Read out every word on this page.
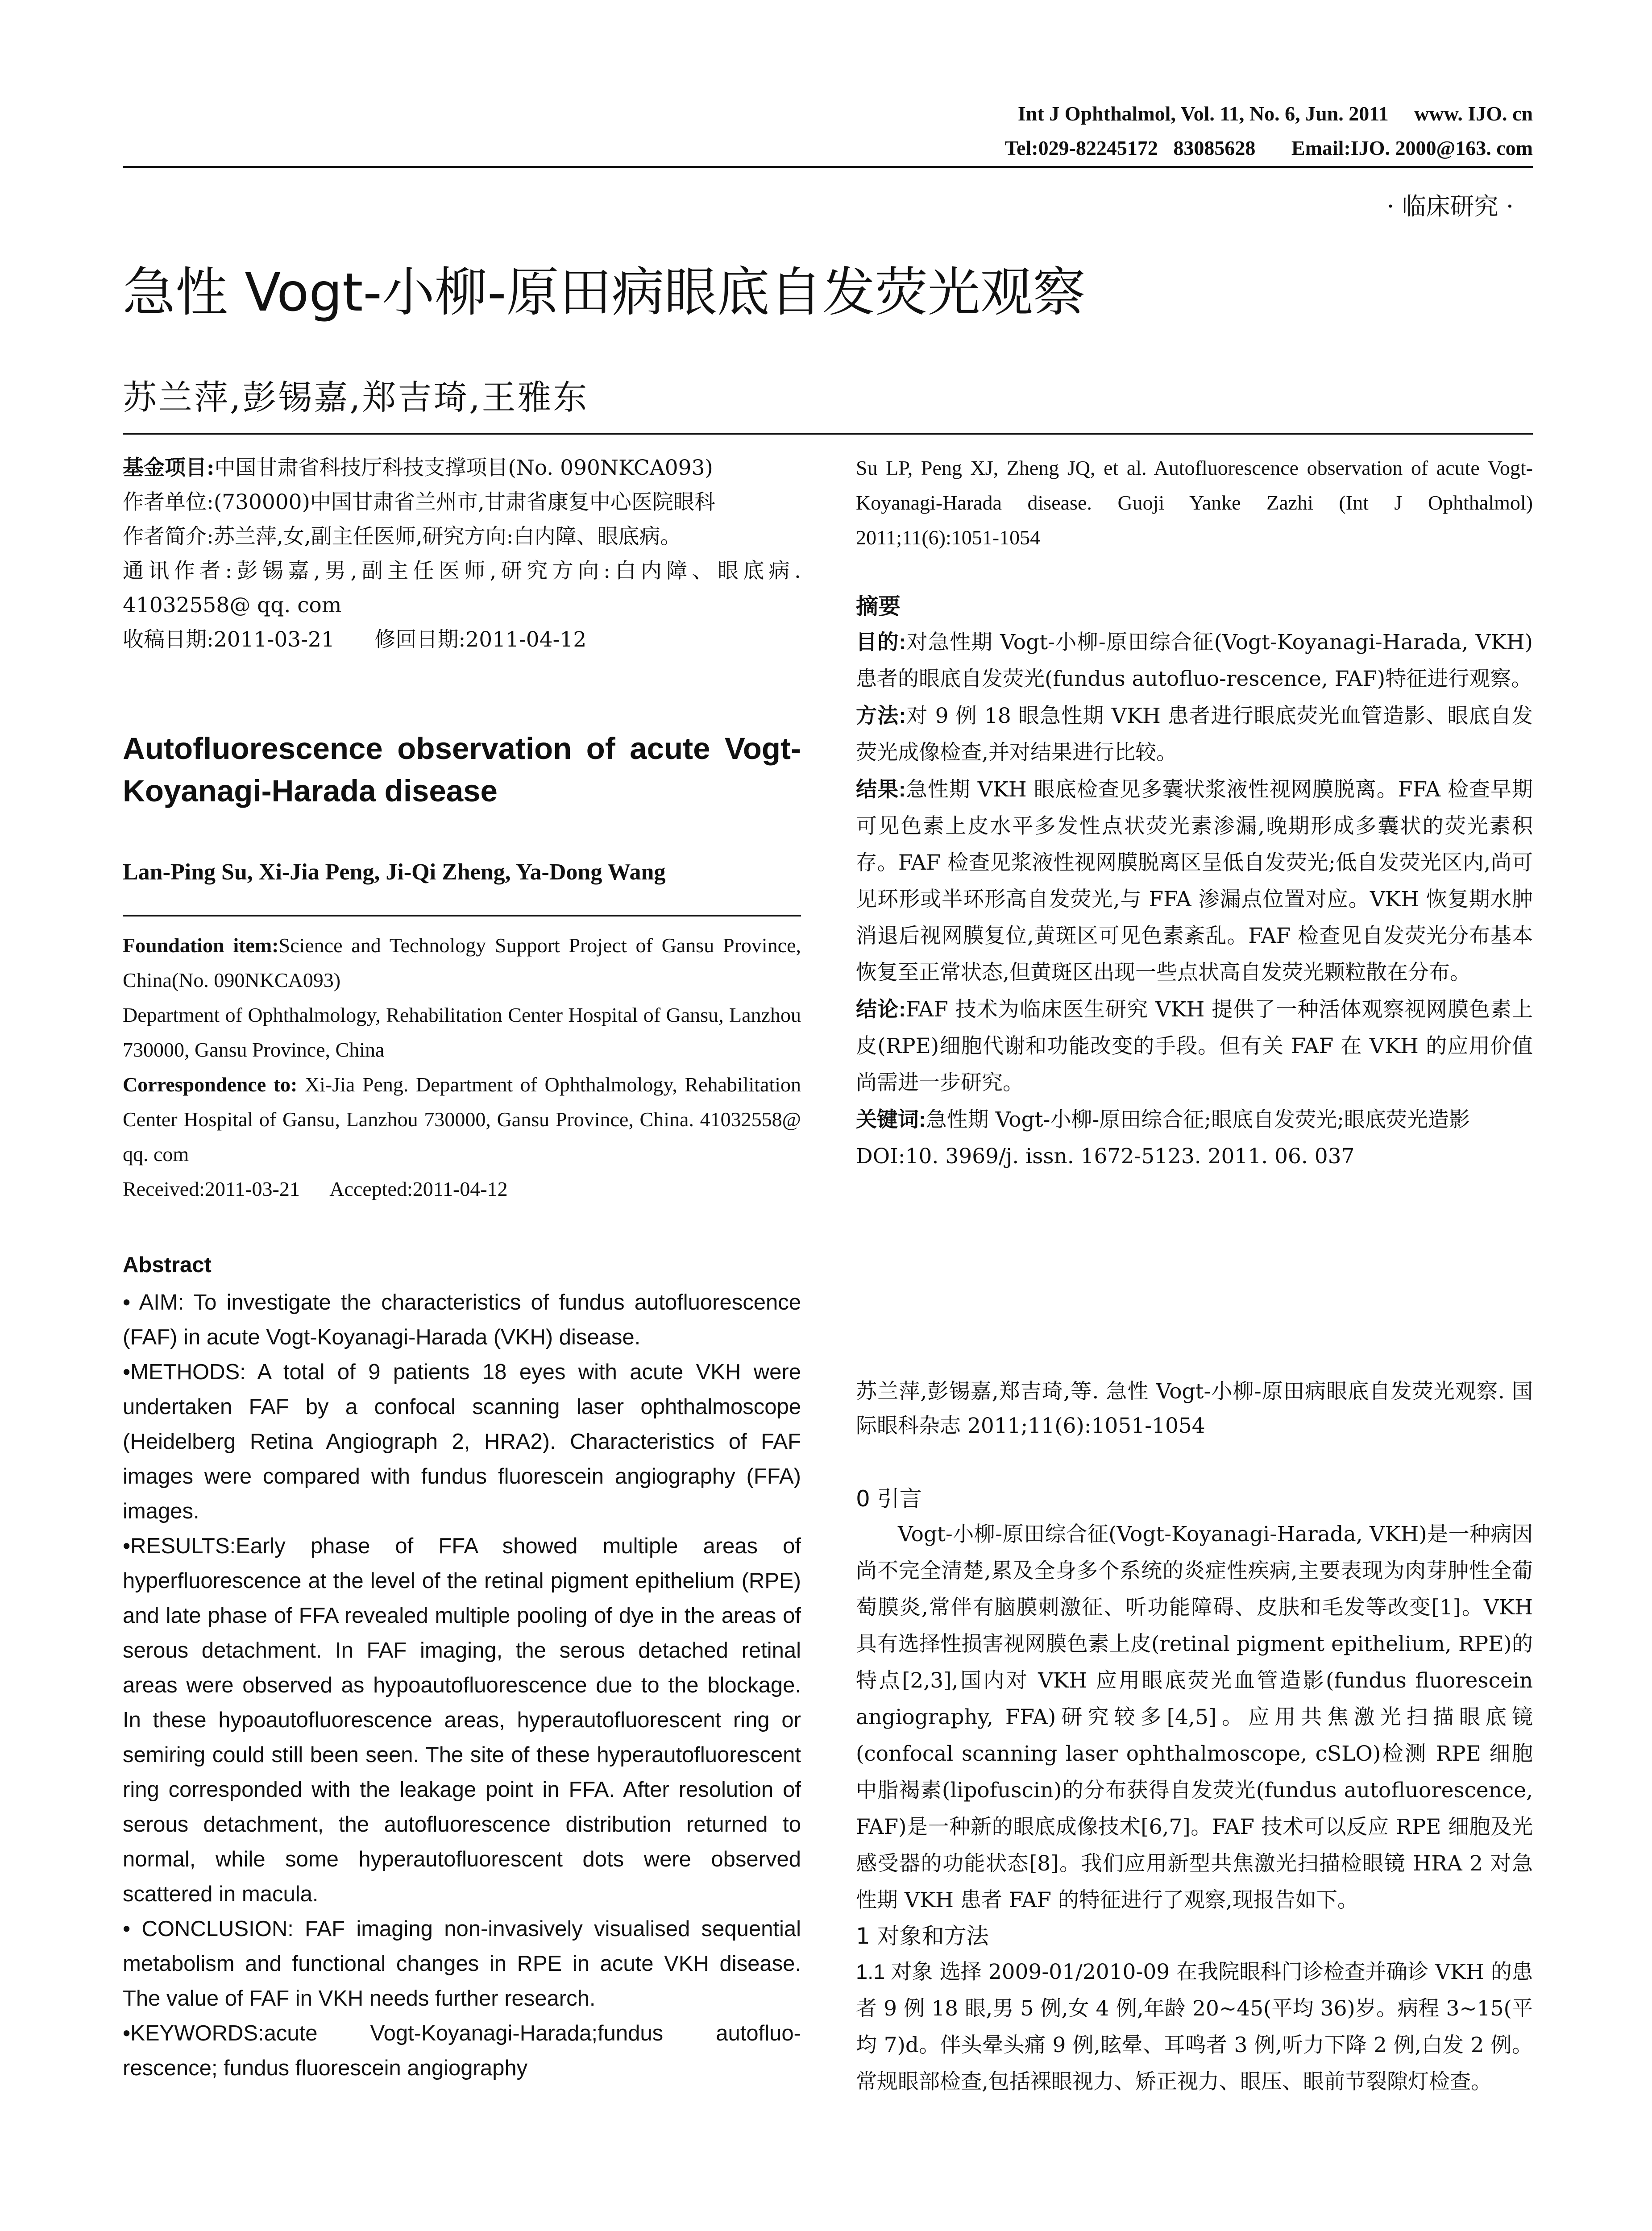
Int J Ophthalmol, Vol. 11, No. 6, Jun. 2011     www. IJO. cn
Tel:029-82245172   83085628       Email:IJO. 2000@163. com
· 临床研究 ·
急性 Vogt-小柳-原田病眼底自发荧光观察
苏兰萍,彭锡嘉,郑吉琦,王雅东

基金项目:中国甘肃省科技厅科技支撑项目(No. 090NKCA093)

作者单位:(730000)中国甘肃省兰州市,甘肃省康复中心医院眼科

作者简介:苏兰萍,女,副主任医师,研究方向:白内障、眼底病。

通讯作者:彭锡嘉,男,副主任医师,研究方向:白内障、眼底病. 41032558@ qq. com

收稿日期:2011-03-21      修回日期:2011-04-12

Autofluorescence observation of acute Vogt-Koyanagi-Harada disease

Lan-Ping Su, Xi-Jia Peng, Ji-Qi Zheng, Ya-Dong Wang

Foundation item:Science and Technology Support Project of Gansu Province, China(No. 090NKCA093)

Department of Ophthalmology, Rehabilitation Center Hospital of Gansu, Lanzhou 730000, Gansu Province, China

Correspondence to: Xi-Jia Peng. Department of Ophthalmology, Rehabilitation Center Hospital of Gansu, Lanzhou 730000, Gansu Province, China. 41032558@ qq. com

Received:2011-03-21      Accepted:2011-04-12

Abstract

• AIM: To investigate the characteristics of fundus autofluorescence (FAF) in acute Vogt-Koyanagi-Harada (VKH) disease.

•METHODS: A total of 9 patients 18 eyes with acute VKH were undertaken FAF by a confocal scanning laser ophthalmoscope (Heidelberg Retina Angiograph 2, HRA2). Characteristics of FAF images were compared with fundus fluorescein angiography (FFA) images.

•RESULTS:Early phase of FFA showed multiple areas of hyperfluorescence at the level of the retinal pigment epithelium (RPE) and late phase of FFA revealed multiple pooling of dye in the areas of serous detachment. In FAF imaging, the serous detached retinal areas were observed as hypoautofluorescence due to the blockage. In these hypoautofluorescence areas, hyperautofluorescent ring or semiring could still been seen. The site of these hyperautofluorescent ring corresponded with the leakage point in FFA. After resolution of serous detachment, the autofluorescence distribution returned to normal, while some hyperautofluorescent dots were observed scattered in macula.

• CONCLUSION: FAF imaging non-invasively visualised sequential metabolism and functional changes in RPE in acute VKH disease. The value of FAF in VKH needs further research.

•KEYWORDS:acute Vogt-Koyanagi-Harada;fundus autofluo-rescence; fundus fluorescein angiography

Su LP, Peng XJ, Zheng JQ, et al. Autofluorescence observation of acute Vogt-Koyanagi-Harada disease. Guoji Yanke Zazhi (Int J Ophthalmol) 2011;11(6):1051-1054

摘要

目的:对急性期 Vogt-小柳-原田综合征(Vogt-Koyanagi-Harada, VKH)患者的眼底自发荧光(fundus autofluo-rescence, FAF)特征进行观察。

方法:对 9 例 18 眼急性期 VKH 患者进行眼底荧光血管造影、眼底自发荧光成像检查,并对结果进行比较。

结果:急性期 VKH 眼底检查见多囊状浆液性视网膜脱离。FFA 检查早期可见色素上皮水平多发性点状荧光素渗漏,晚期形成多囊状的荧光素积存。FAF 检查见浆液性视网膜脱离区呈低自发荧光;低自发荧光区内,尚可见环形或半环形高自发荧光,与 FFA 渗漏点位置对应。VKH 恢复期水肿消退后视网膜复位,黄斑区可见色素紊乱。FAF 检查见自发荧光分布基本恢复至正常状态,但黄斑区出现一些点状高自发荧光颗粒散在分布。

结论:FAF 技术为临床医生研究 VKH 提供了一种活体观察视网膜色素上皮(RPE)细胞代谢和功能改变的手段。但有关 FAF 在 VKH 的应用价值尚需进一步研究。

关键词:急性期 Vogt-小柳-原田综合征;眼底自发荧光;眼底荧光造影

DOI:10. 3969/j. issn. 1672-5123. 2011. 06. 037

苏兰萍,彭锡嘉,郑吉琦,等. 急性 Vogt-小柳-原田病眼底自发荧光观察. 国际眼科杂志 2011;11(6):1051-1054

0 引言

Vogt-小柳-原田综合征(Vogt-Koyanagi-Harada, VKH)是一种病因尚不完全清楚,累及全身多个系统的炎症性疾病,主要表现为肉芽肿性全葡萄膜炎,常伴有脑膜刺激征、听功能障碍、皮肤和毛发等改变[1]。VKH 具有选择性损害视网膜色素上皮(retinal pigment epithelium, RPE)的特点[2,3],国内对 VKH 应用眼底荧光血管造影(fundus fluorescein angiography, FFA)研究较多[4,5]。应用共焦激光扫描眼底镜(confocal scanning laser ophthalmoscope, cSLO)检测 RPE 细胞中脂褐素(lipofuscin)的分布获得自发荧光(fundus autofluorescence, FAF)是一种新的眼底成像技术[6,7]。FAF 技术可以反应 RPE 细胞及光感受器的功能状态[8]。我们应用新型共焦激光扫描检眼镜 HRA 2 对急性期 VKH 患者 FAF 的特征进行了观察,现报告如下。

1 对象和方法

1.1 对象 选择 2009-01/2010-09 在我院眼科门诊检查并确诊 VKH 的患者 9 例 18 眼,男 5 例,女 4 例,年龄 20~45(平均 36)岁。病程 3~15(平均 7)d。伴头晕头痛 9 例,眩晕、耳鸣者 3 例,听力下降 2 例,白发 2 例。常规眼部检查,包括裸眼视力、矫正视力、眼压、眼前节裂隙灯检查。
